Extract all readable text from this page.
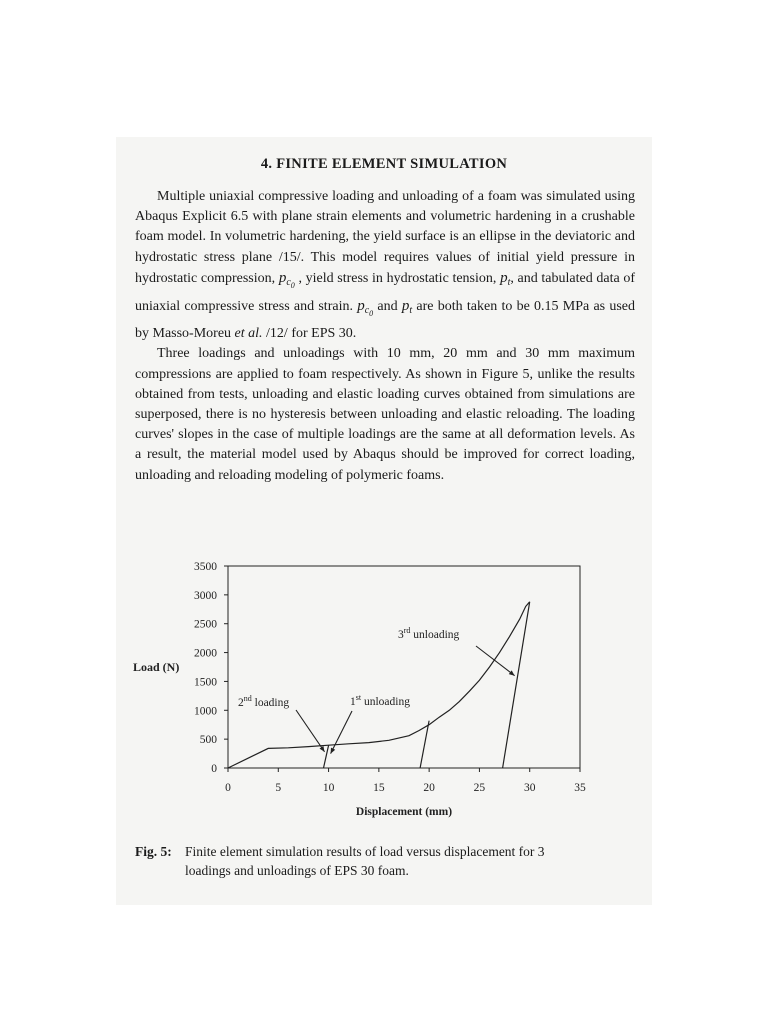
4. FINITE ELEMENT SIMULATION

Multiple uniaxial compressive loading and unloading of a foam was simulated using Abaqus Explicit 6.5 with plane strain elements and volumetric hardening in a crushable foam model. In volumetric hardening, the yield surface is an ellipse in the deviatoric and hydrostatic stress plane /15/. This model requires values of initial yield pressure in hydrostatic compression, $p_{c_0}$ , yield stress in hydrostatic tension, $p_t$, and tabulated data of uniaxial compressive stress and strain. $p_{c_0}$ and $p_t$ are both taken to be 0.15 MPa as used by Masso-Moreu et al. /12/ for EPS 30.

Three loadings and unloadings with 10 mm, 20 mm and 30 mm maximum compressions are applied to foam respectively. As shown in Figure 5, unlike the results obtained from tests, unloading and elastic loading curves obtained from simulations are superposed, there is no hysteresis between unloading and elastic reloading. The loading curves' slopes in the case of multiple loadings are the same at all deformation levels. As a result, the material model used by Abaqus should be improved for correct loading, unloading and reloading modeling of polymeric foams.

0
500
1000
1500
2000
2500
3000
3500
0	5	10	15	20	25	30	35
2nd loading	1st unloading
3rd unloading
Load (N)
Displacement (mm)
Fig. 5: Finite element simulation results of load versus displacement for 3
loadings and unloadings of EPS 30 foam.
